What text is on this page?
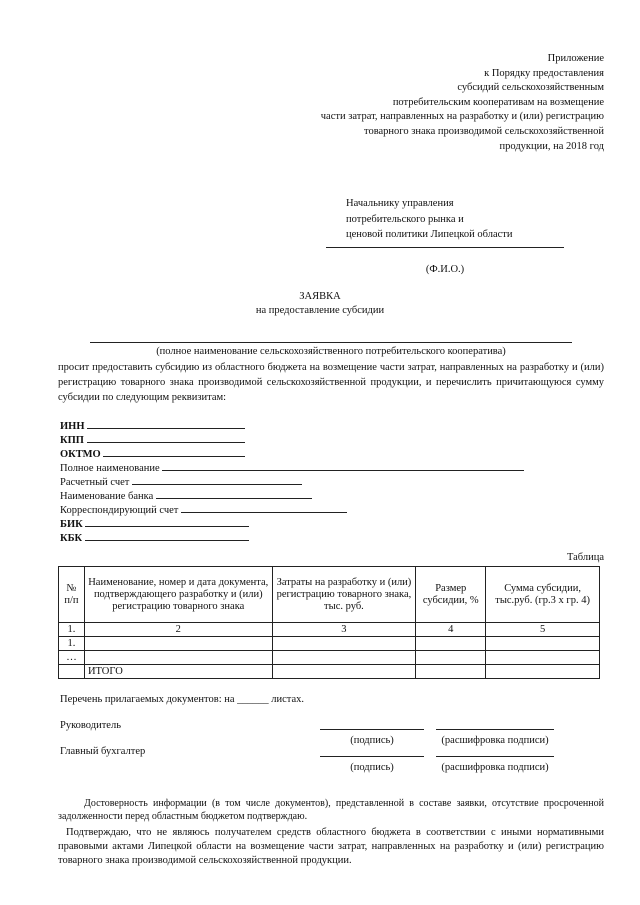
Приложение
к Порядку предоставления
субсидий сельскохозяйственным
потребительским кооперативам на возмещение
части затрат, направленных на разработку и (или) регистрацию
товарного знака производимой сельскохозяйственной
продукции, на 2018 год
Начальнику управления
потребительского рынка и
ценовой политики Липецкой области
(Ф.И.О.)
ЗАЯВКА
на предоставление субсидии
(полное наименование сельскохозяйственного потребительского кооператива)
просит предоставить субсидию из областного бюджета на возмещение части затрат, направленных на разработку и (или) регистрацию товарного знака производимой сельскохозяйственной продукции, и перечислить причитающуюся сумму субсидии по следующим реквизитам:
ИНН
КПП
ОКТМО
Полное наименование
Расчетный счет
Наименование банка
Корреспондирующий счет
БИК
КБК
Таблица
№ п/п	Наименование, номер и дата документа, подтверждающего разработку и (или) регистрацию товарного знака	Затраты на разработку и (или) регистрацию товарного знака, тыс. руб.	Размер субсидии, %	Сумма субсидии, тыс.руб. (гр.3 х гр. 4)
1.	2	3	4	5
1.				
…				
	ИТОГО			
Перечень прилагаемых документов: на ______ листах.
Руководитель
(подпись)	(расшифровка подписи)
Главный бухгалтер
(подпись)	(расшифровка подписи)
Достоверность информации (в том числе документов), представленной в составе заявки, отсутствие просроченной задолженности перед областным бюджетом подтверждаю.
Подтверждаю, что не являюсь получателем средств областного бюджета в соответствии с иными нормативными правовыми актами Липецкой области на возмещение части затрат, направленных на разработку и (или) регистрацию товарного знака производимой сельскохозяйственной продукции.
